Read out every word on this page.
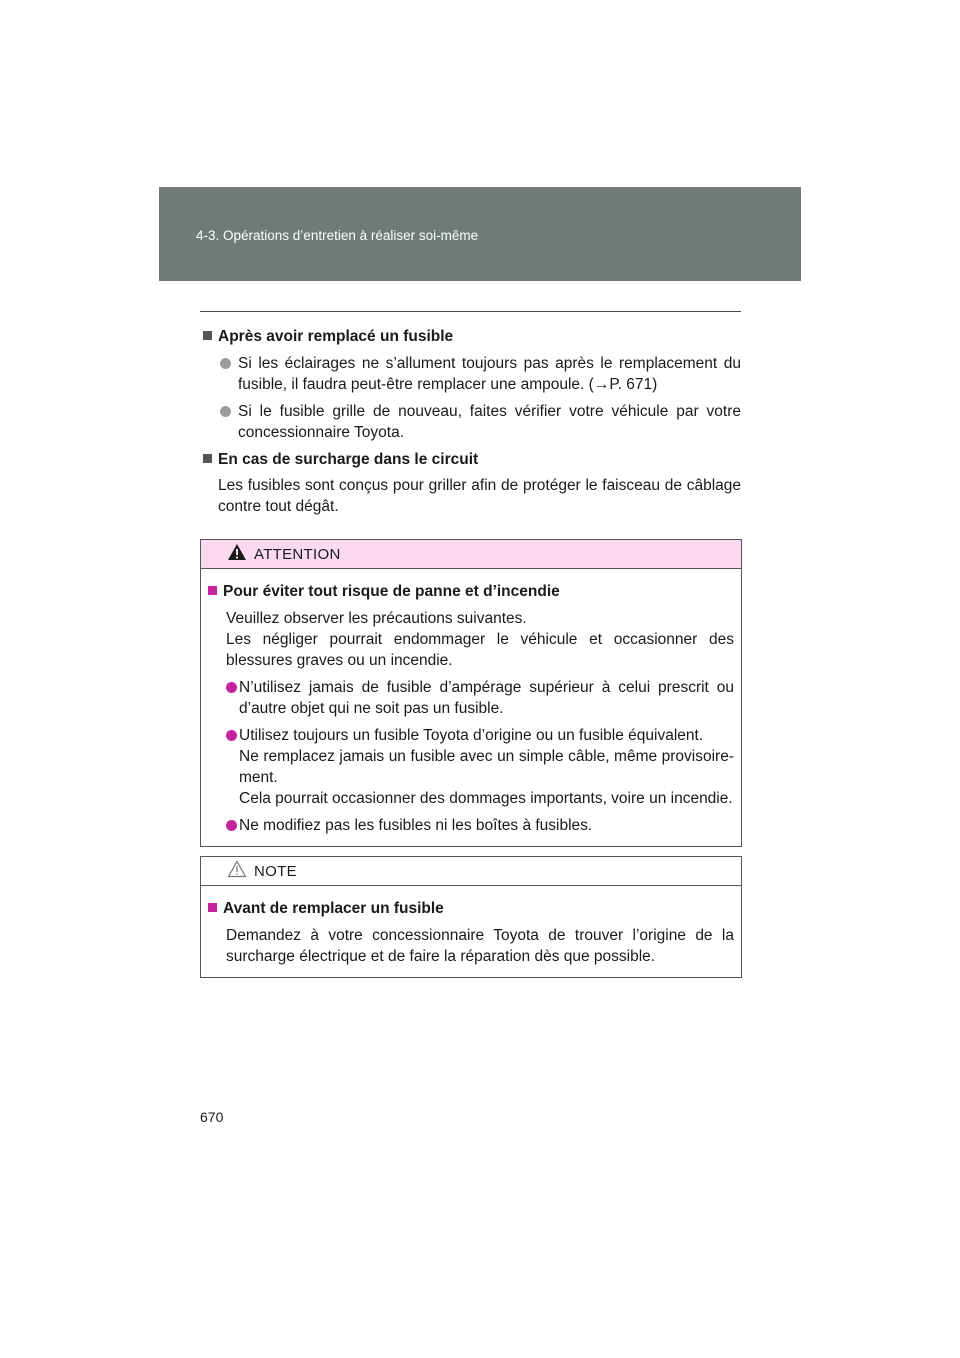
4-3. Opérations d’entretien à réaliser soi-même
Après avoir remplacé un fusible
Si les éclairages ne s’allument toujours pas après le remplacement du fusible, il faudra peut-être remplacer une ampoule. (→P. 671)
Si le fusible grille de nouveau, faites vérifier votre véhicule par votre concessionnaire Toyota.
En cas de surcharge dans le circuit
Les fusibles sont conçus pour griller afin de protéger le faisceau de câblage contre tout dégât.
ATTENTION
Pour éviter tout risque de panne et d’incendie
Veuillez observer les précautions suivantes.
Les négliger pourrait endommager le véhicule et occasionner des blessures graves ou un incendie.
N’utilisez jamais de fusible d’ampérage supérieur à celui prescrit ou d’autre objet qui ne soit pas un fusible.
Utilisez toujours un fusible Toyota d’origine ou un fusible équivalent.
Ne remplacez jamais un fusible avec un simple câble, même provisoire-ment.
Cela pourrait occasionner des dommages importants, voire un incendie.
Ne modifiez pas les fusibles ni les boîtes à fusibles.
NOTE
Avant de remplacer un fusible
Demandez à votre concessionnaire Toyota de trouver l’origine de la surcharge électrique et de faire la réparation dès que possible.
670
